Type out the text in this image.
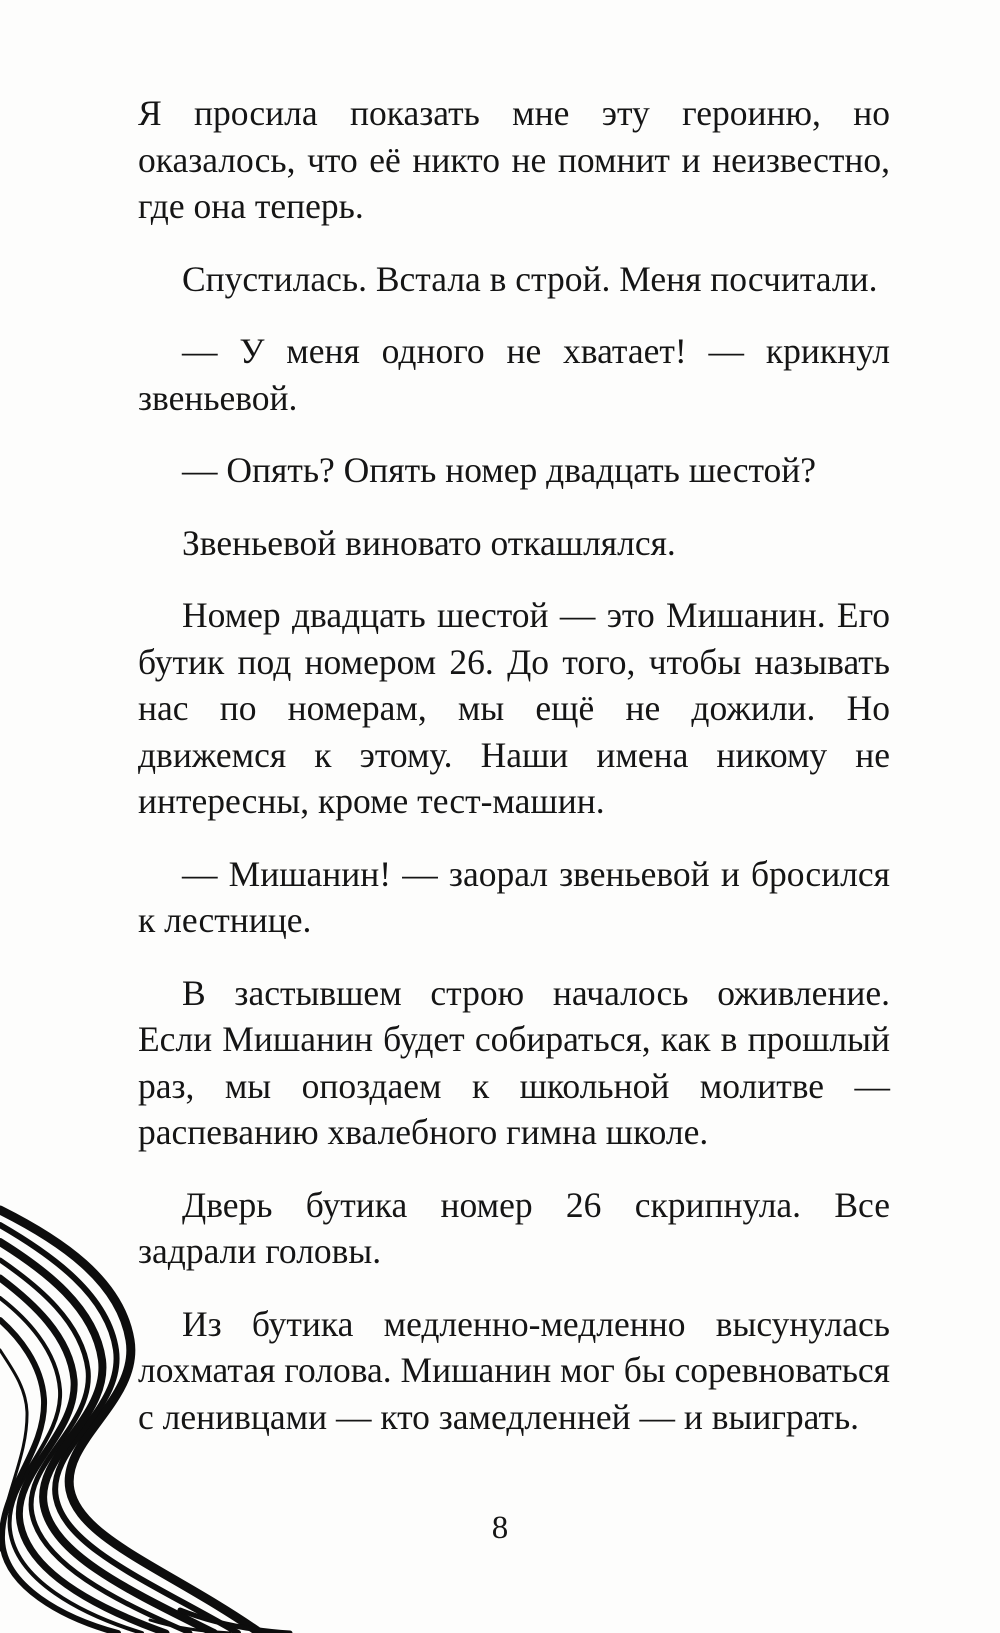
Я просила показать мне эту героиню, но оказалось, что её никто не помнит и неизвестно, где она теперь.

Спустилась. Встала в строй. Меня посчитали.

— У меня одного не хватает! — крикнул звеньевой.

— Опять? Опять номер двадцать шестой?

Звеньевой виновато откашлялся.

Номер двадцать шестой — это Мишанин. Его бутик под номером 26. До того, чтобы называть нас по номерам, мы ещё не дожили. Но движемся к этому. Наши имена никому не интересны, кроме тест-машин.

— Мишанин! — заорал звеньевой и бросился к лестнице.

В застывшем строю началось оживление. Если Мишанин будет собираться, как в прошлый раз, мы опоздаем к школьной молитве — распеванию хвалебного гимна школе.

Дверь бутика номер 26 скрипнула. Все задрали головы.

Из бутика медленно-медленно высунулась лохматая голова. Мишанин мог бы соревноваться с ленивцами — кто замедленней — и выиграть.

8
